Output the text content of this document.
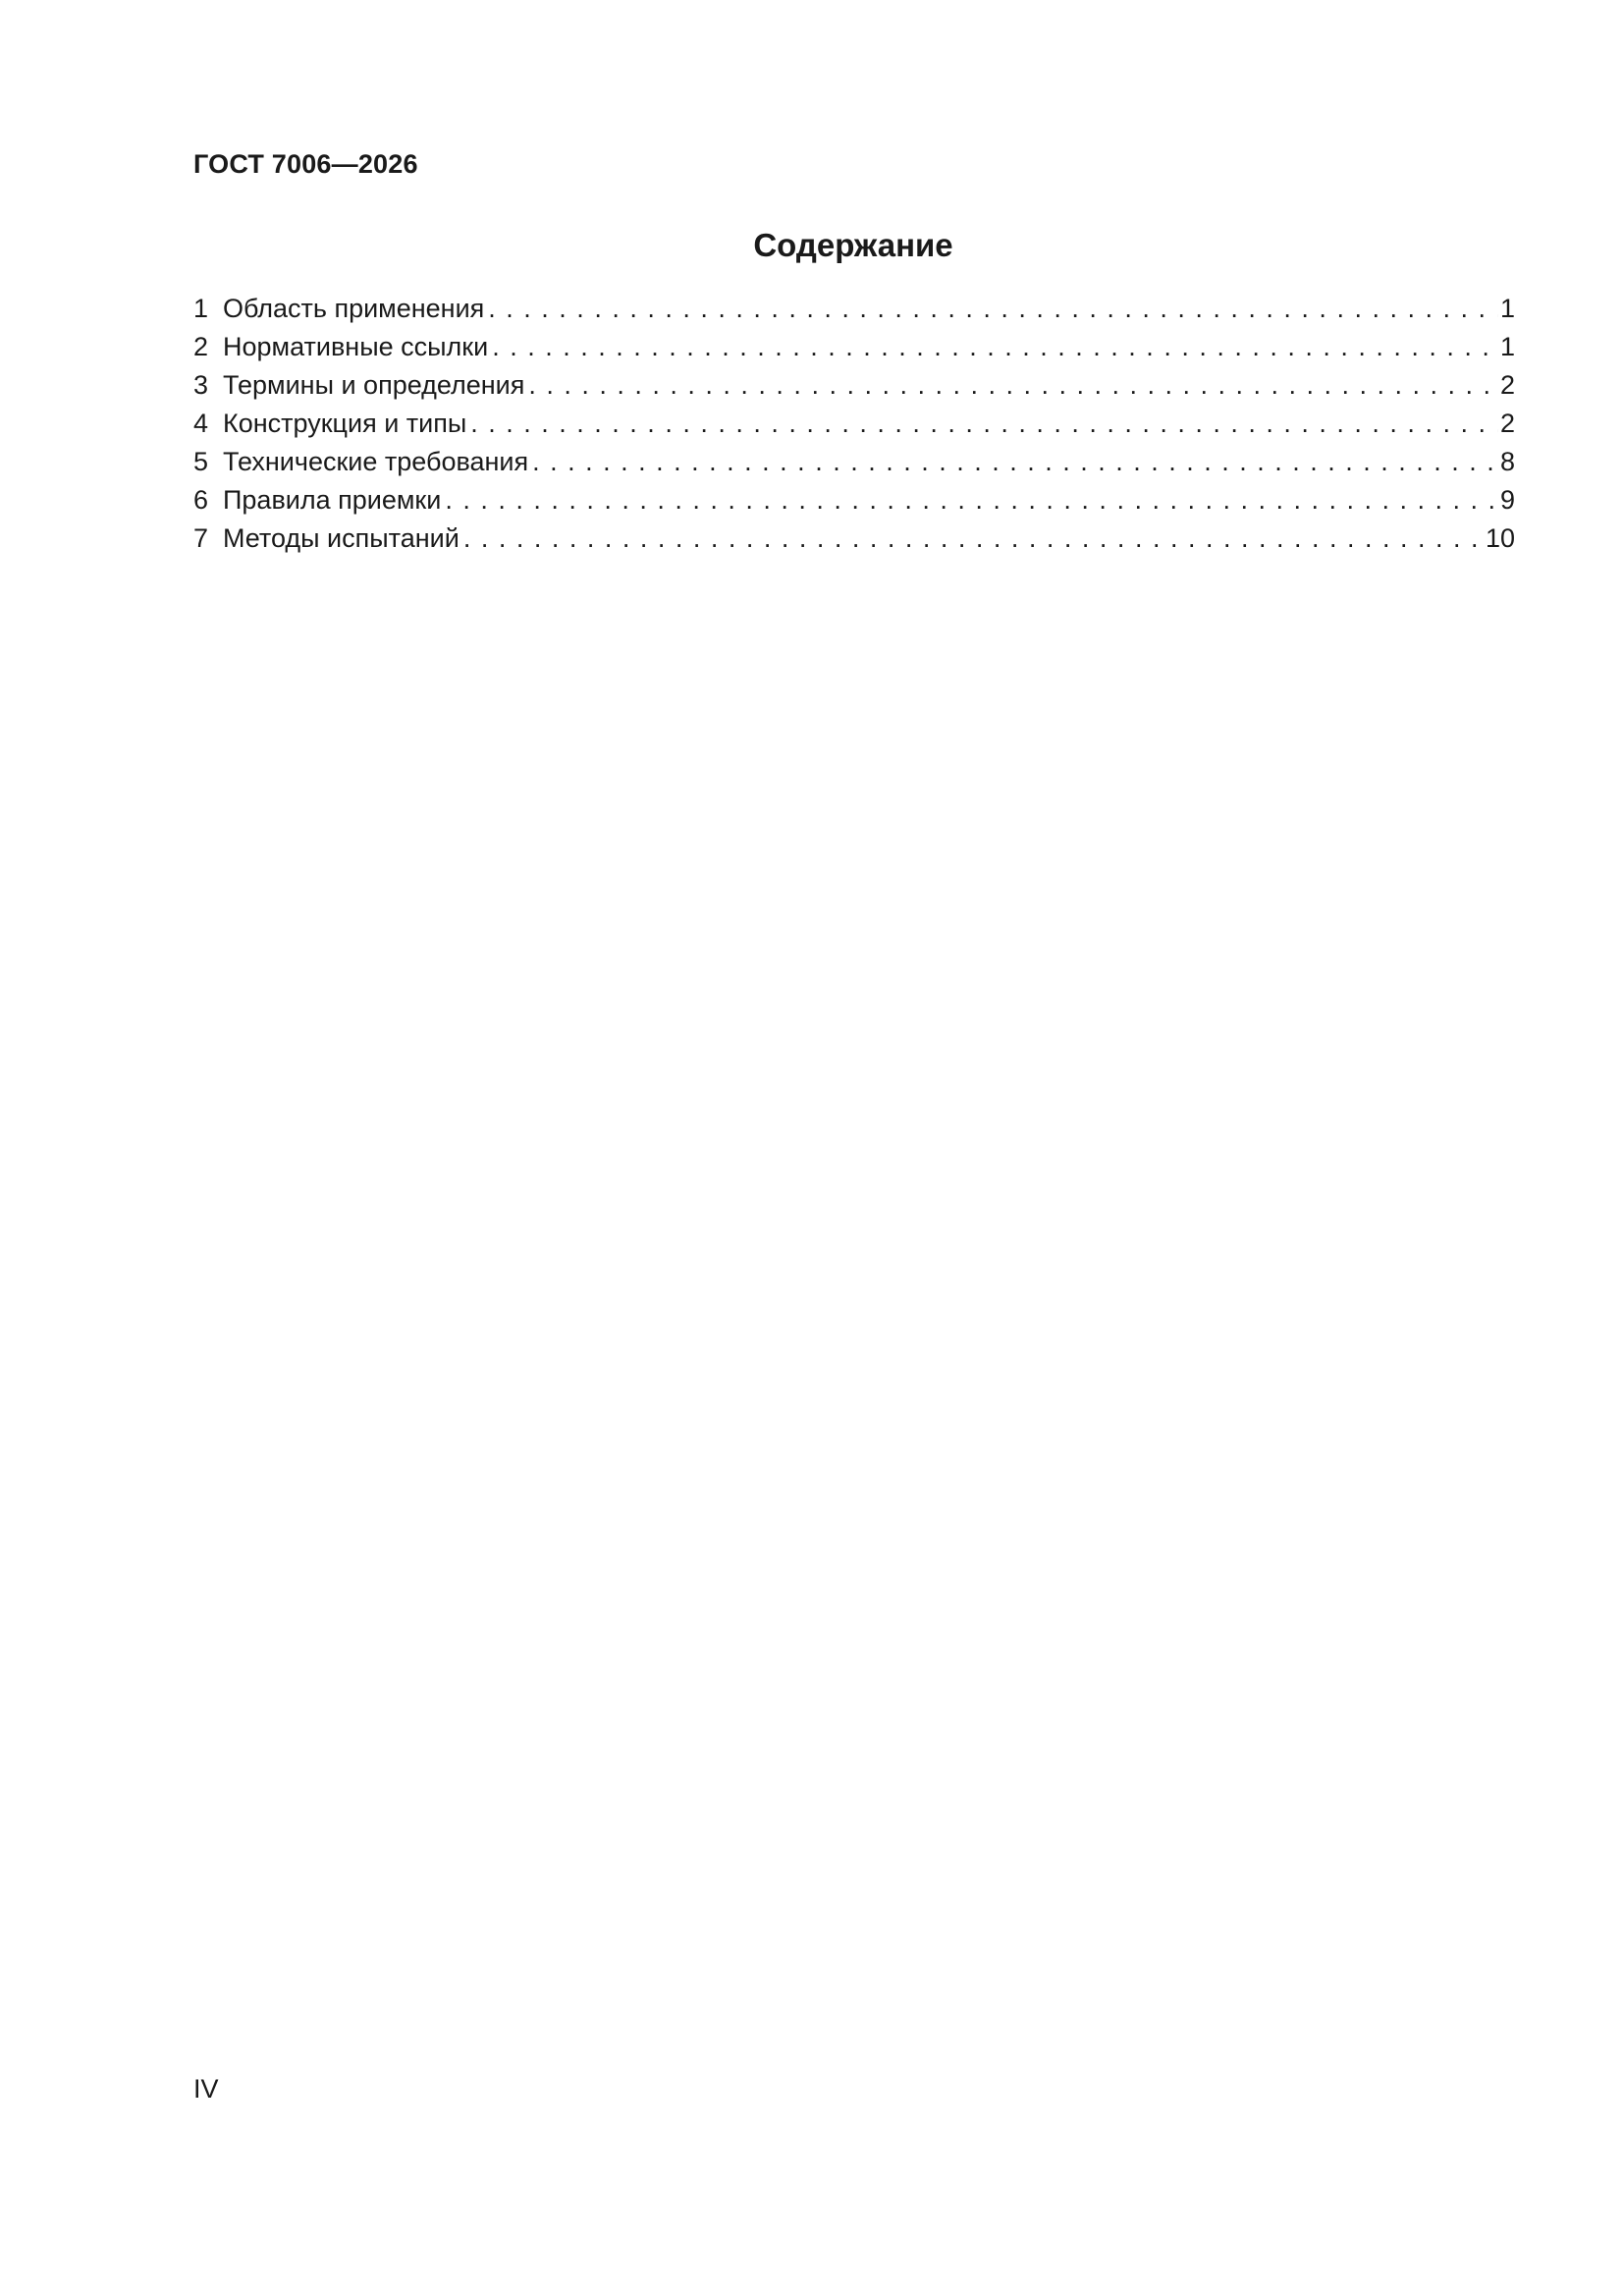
ГОСТ 7006—2026
Содержание
1 Область применения . . .	1
2 Нормативные ссылки . . .	1
3 Термины и определения . . .	2
4 Конструкция и типы . . .	2
5 Технические требования . . .	8
6 Правила приемки . . .	9
7 Методы испытаний . . .	10
IV
